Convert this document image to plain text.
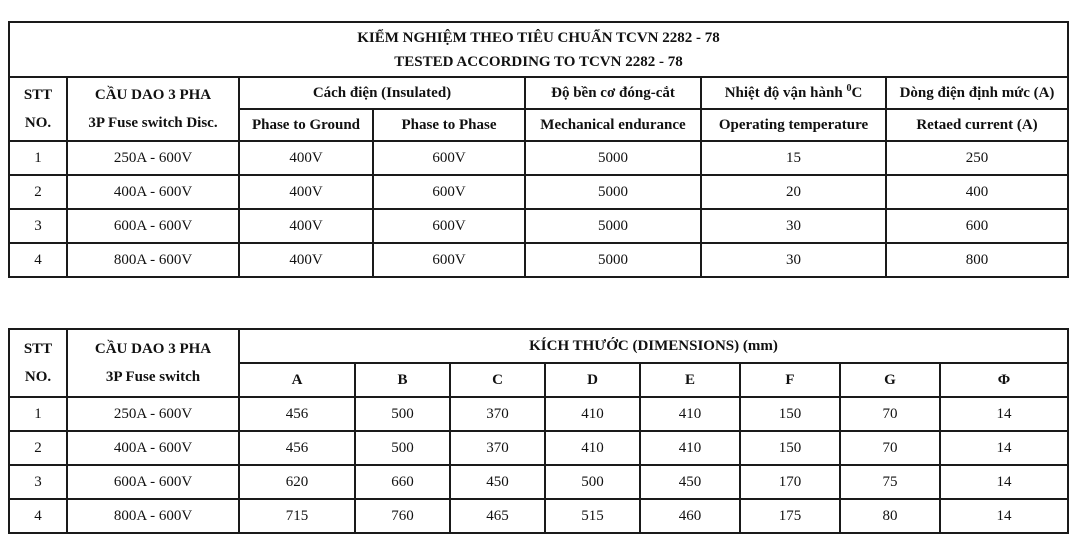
KIỂM NGHIỆM THEO TIÊU CHUẨN TCVN 2282 - 78
TESTED ACCORDING TO TCVN 2282 - 78						

STT
NO.	CẦU DAO 3 PHA
3P Fuse switch Disc.	Cách điện (Insulated)		Độ bền cơ đóng-cắt	Nhiệt độ vận hành $^0$C	Dòng điện định mức (A)
		Phase to Ground	Phase to Phase	Mechanical endurance	Operating temperature	Retaed current (A)
1	250A - 600V	400V	600V	5000	15	250
2	400A - 600V	400V	600V	5000	20	400
3	600A - 600V	400V	600V	5000	30	600
4	800A - 600V	400V	600V	5000	30	800
STT
NO.	CẦU DAO 3 PHA
3P Fuse switch	KÍCH THƯỚC (DIMENSIONS) (mm)							
		A	B	C	D	E	F	G	Φ
1	250A - 600V	456	500	370	410	410	150	70	14
2	400A - 600V	456	500	370	410	410	150	70	14
3	600A - 600V	620	660	450	500	450	170	75	14
4	800A - 600V	715	760	465	515	460	175	80	14
